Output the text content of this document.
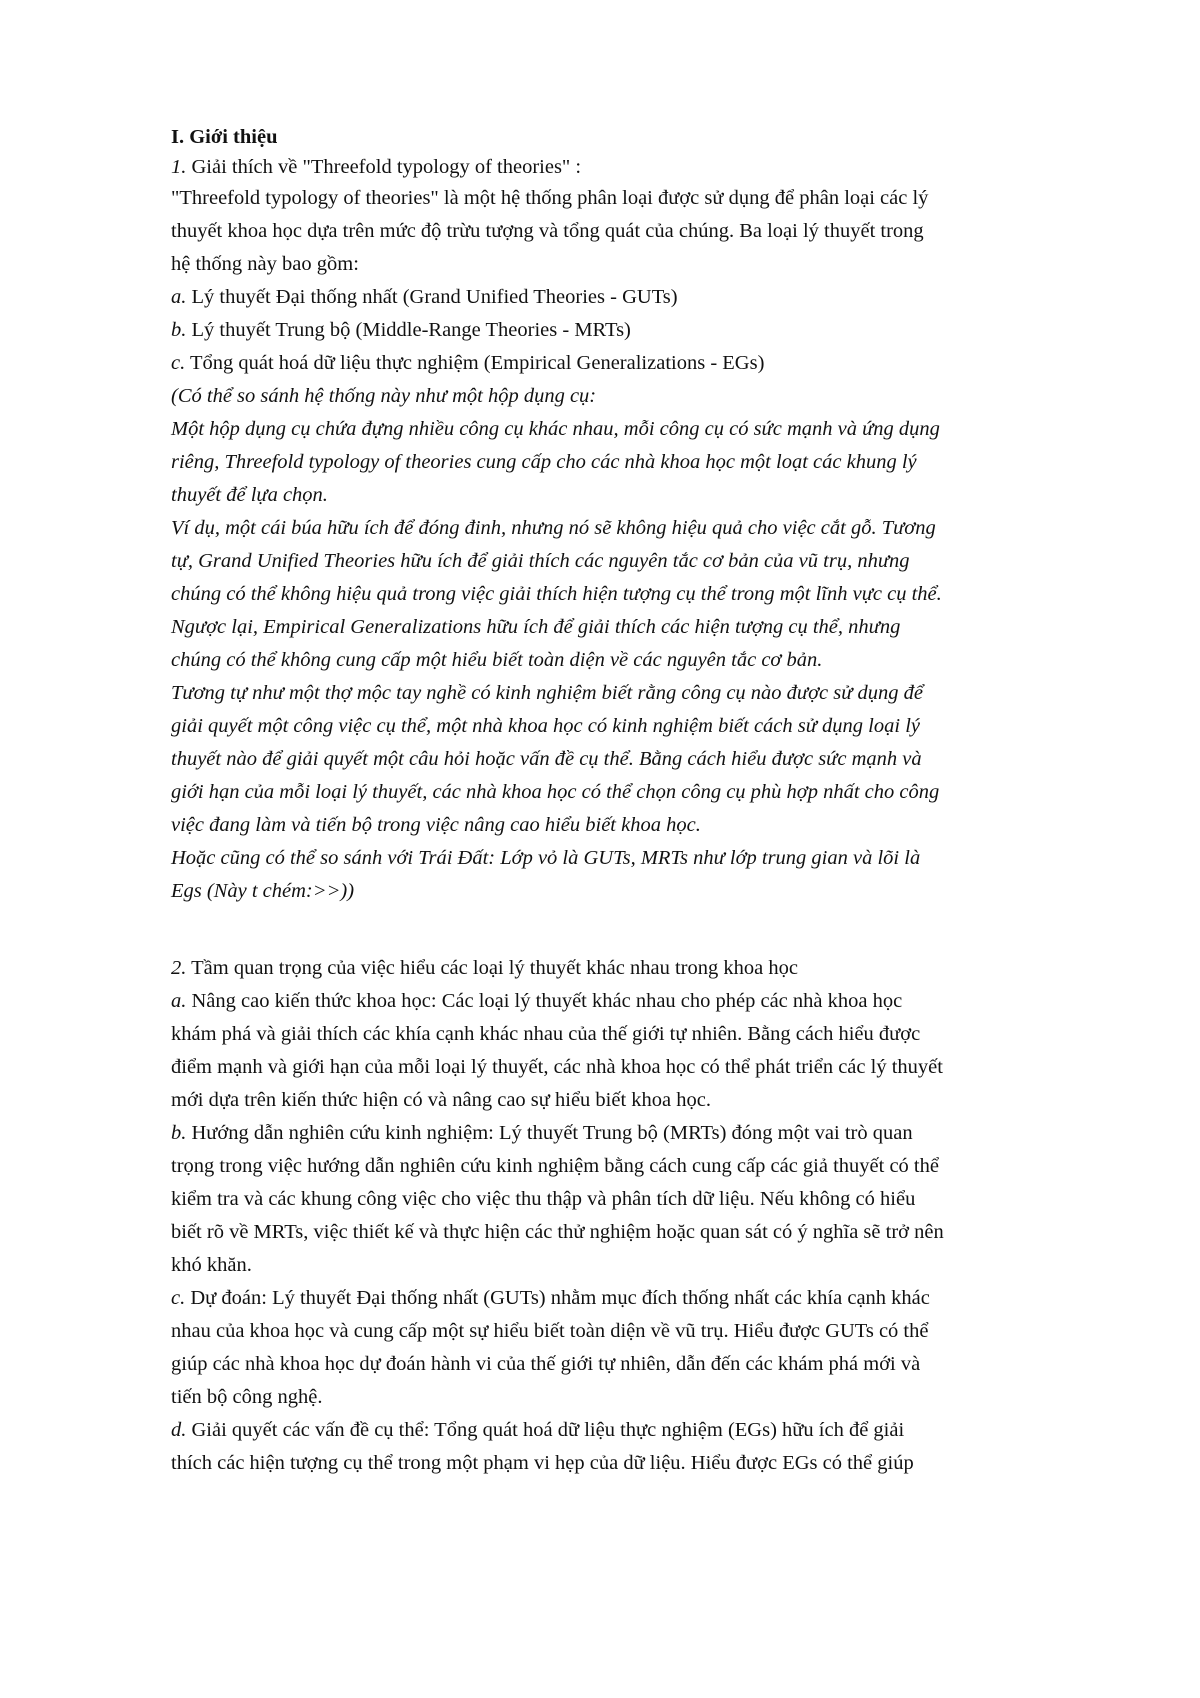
I. Giới thiệu

1. Giải thích về "Threefold typology of theories" :

"Threefold typology of theories" là một hệ thống phân loại được sử dụng để phân loại các lý

thuyết khoa học dựa trên mức độ trừu tượng và tổng quát của chúng. Ba loại lý thuyết trong

hệ thống này bao gồm:

a. Lý thuyết Đại thống nhất (Grand Unified Theories - GUTs)

b. Lý thuyết Trung bộ (Middle-Range Theories - MRTs)

c. Tổng quát hoá dữ liệu thực nghiệm (Empirical Generalizations - EGs)

(Có thể so sánh hệ thống này như một hộp dụng cụ:

Một hộp dụng cụ chứa đựng nhiều công cụ khác nhau, mỗi công cụ có sức mạnh và ứng dụng

riêng, Threefold typology of theories cung cấp cho các nhà khoa học một loạt các khung lý

thuyết để lựa chọn.

Ví dụ, một cái búa hữu ích để đóng đinh, nhưng nó sẽ không hiệu quả cho việc cắt gỗ. Tương

tự, Grand Unified Theories hữu ích để giải thích các nguyên tắc cơ bản của vũ trụ, nhưng

chúng có thể không hiệu quả trong việc giải thích hiện tượng cụ thể trong một lĩnh vực cụ thể.

Ngược lại, Empirical Generalizations hữu ích để giải thích các hiện tượng cụ thể, nhưng

chúng có thể không cung cấp một hiểu biết toàn diện về các nguyên tắc cơ bản.

Tương tự như một thợ mộc tay nghề có kinh nghiệm biết rằng công cụ nào được sử dụng để

giải quyết một công việc cụ thể, một nhà khoa học có kinh nghiệm biết cách sử dụng loại lý

thuyết nào để giải quyết một câu hỏi hoặc vấn đề cụ thể. Bằng cách hiểu được sức mạnh và

giới hạn của mỗi loại lý thuyết, các nhà khoa học có thể chọn công cụ phù hợp nhất cho công

việc đang làm và tiến bộ trong việc nâng cao hiểu biết khoa học.

Hoặc cũng có thể so sánh với Trái Đất: Lớp vỏ là GUTs, MRTs như lớp trung gian và lõi là

Egs (Này t chém:>>))

2. Tầm quan trọng của việc hiểu các loại lý thuyết khác nhau trong khoa học

a. Nâng cao kiến thức khoa học: Các loại lý thuyết khác nhau cho phép các nhà khoa học

khám phá và giải thích các khía cạnh khác nhau của thế giới tự nhiên. Bằng cách hiểu được

điểm mạnh và giới hạn của mỗi loại lý thuyết, các nhà khoa học có thể phát triển các lý thuyết

mới dựa trên kiến thức hiện có và nâng cao sự hiểu biết khoa học.

b. Hướng dẫn nghiên cứu kinh nghiệm: Lý thuyết Trung bộ (MRTs) đóng một vai trò quan

trọng trong việc hướng dẫn nghiên cứu kinh nghiệm bằng cách cung cấp các giả thuyết có thể

kiểm tra và các khung công việc cho việc thu thập và phân tích dữ liệu. Nếu không có hiểu

biết rõ về MRTs, việc thiết kế và thực hiện các thử nghiệm hoặc quan sát có ý nghĩa sẽ trở nên

khó khăn.

c. Dự đoán: Lý thuyết Đại thống nhất (GUTs) nhằm mục đích thống nhất các khía cạnh khác

nhau của khoa học và cung cấp một sự hiểu biết toàn diện về vũ trụ. Hiểu được GUTs có thể

giúp các nhà khoa học dự đoán hành vi của thế giới tự nhiên, dẫn đến các khám phá mới và

tiến bộ công nghệ.

d. Giải quyết các vấn đề cụ thể: Tổng quát hoá dữ liệu thực nghiệm (EGs) hữu ích để giải

thích các hiện tượng cụ thể trong một phạm vi hẹp của dữ liệu. Hiểu được EGs có thể giúp
